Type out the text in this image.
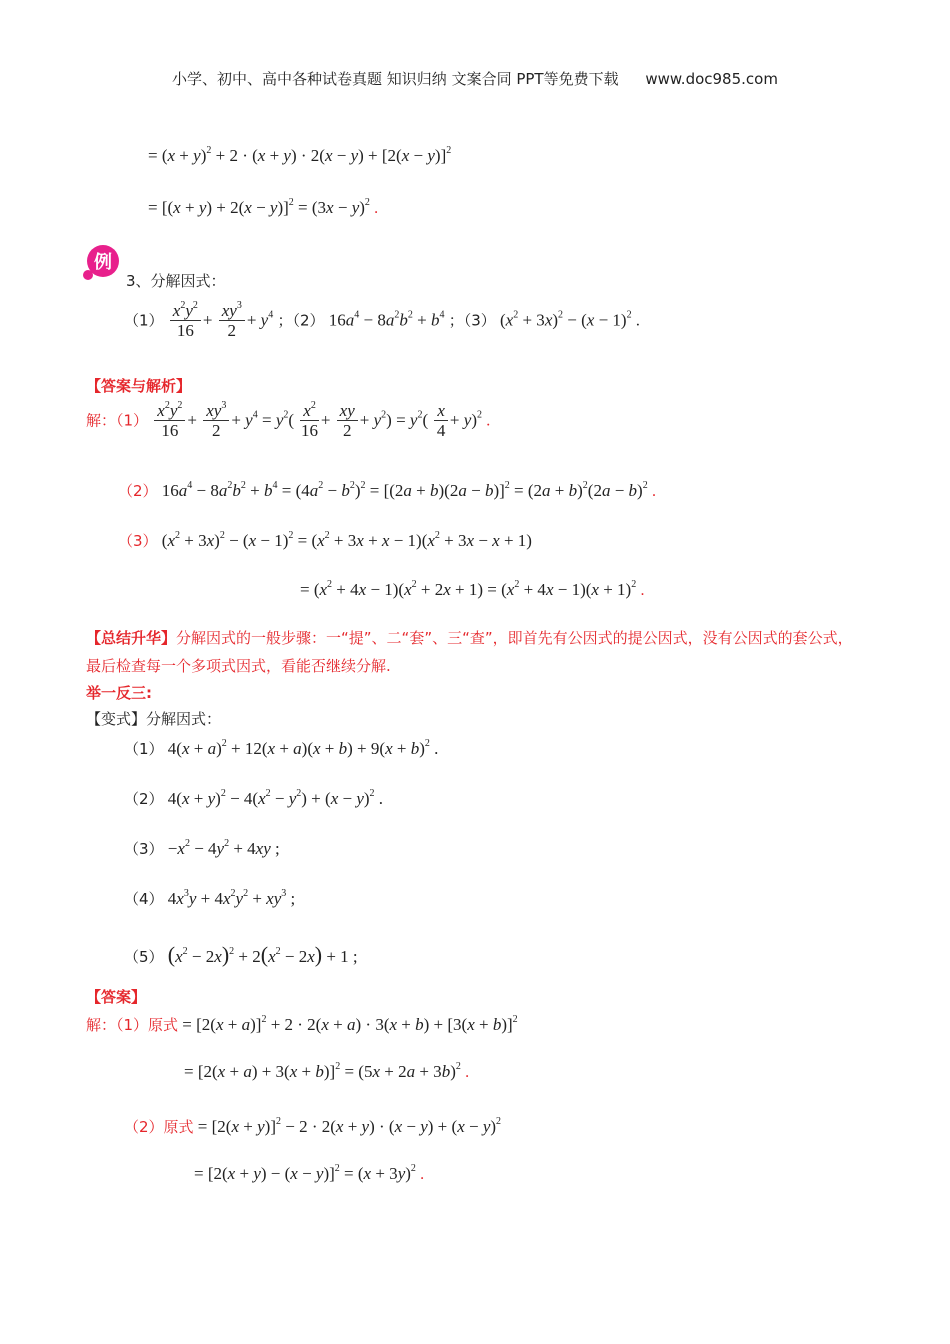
小学、初中、高中各种试卷真题 知识归纳 文案合同 PPT等免费下载 www.doc985.com
= $(x + y)^2 + 2 \cdot (x + y) \cdot 2(x - y) + [2(x - y)]^2$
= $[(x + y) + 2(x - y)]^2 = (3x - y)^2$ .
例
3、分解因式：
$(1) \frac{x^2y^2}{16} + \frac{xy^3}{2} + y^4$ ；（2） $16a^4 - 8a^2b^2 + b^4$ ；（3） $(x^2 + 3x)^2 - (x - 1)^2$ .
【答案与解析】
解：$(1) \frac{x^2y^2}{16} + \frac{xy^3}{2} + y^4 = y^2( \frac{x^2}{16} + \frac{xy}{2} + y^2) = y^2( \frac{x}{4} + y)^2$ .
（2） $16a^4 - 8a^2b^2 + b^4 = (4a^2 - b^2)^2 = [(2a + b)(2a - b)]^2 = (2a + b)^2(2a - b)^2$ .
（3） $(x^2 + 3x)^2 - (x - 1)^2 = (x^2 + 3x + x - 1)(x^2 + 3x - x + 1)$
= $(x^2 + 4x - 1)(x^2 + 2x + 1) = (x^2 + 4x - 1)(x + 1)^2$ .
【总结升华】分解因式的一般步骤：一“提”、二“套”、三“查”，即首先有公因式的提公因式，没有公因式的套公式，最后检查每一个多项式因式，看能否继续分解.
举一反三:
【变式】分解因式：
（1） $4(x + a)^2 + 12(x + a)(x + b) + 9(x + b)^2$ .
（2） $4(x + y)^2 - 4(x^2 - y^2) + (x - y)^2$ .
$(3) -x^2 - 4y^2 + 4xy$ ;
（4） $4x^3y + 4x^2y^2 + xy^3$ ;
（5） $(x^2 - 2x)^2 + 2(x^2 - 2x) + 1$ ;
【答案】
解：（1）原式 = $[2(x + a)]^2 + 2 \cdot 2(x + a) \cdot 3(x + b) + [3(x + b)]^2$
= $[2(x + a) + 3(x + b)]^2 = (5x + 2a + 3b)^2$ .
（2）原式 = $[2(x + y)]^2 - 2 \cdot 2(x + y) \cdot (x - y) + (x - y)^2$
= $[2(x + y) - (x - y)]^2 = (x + 3y)^2$ .
